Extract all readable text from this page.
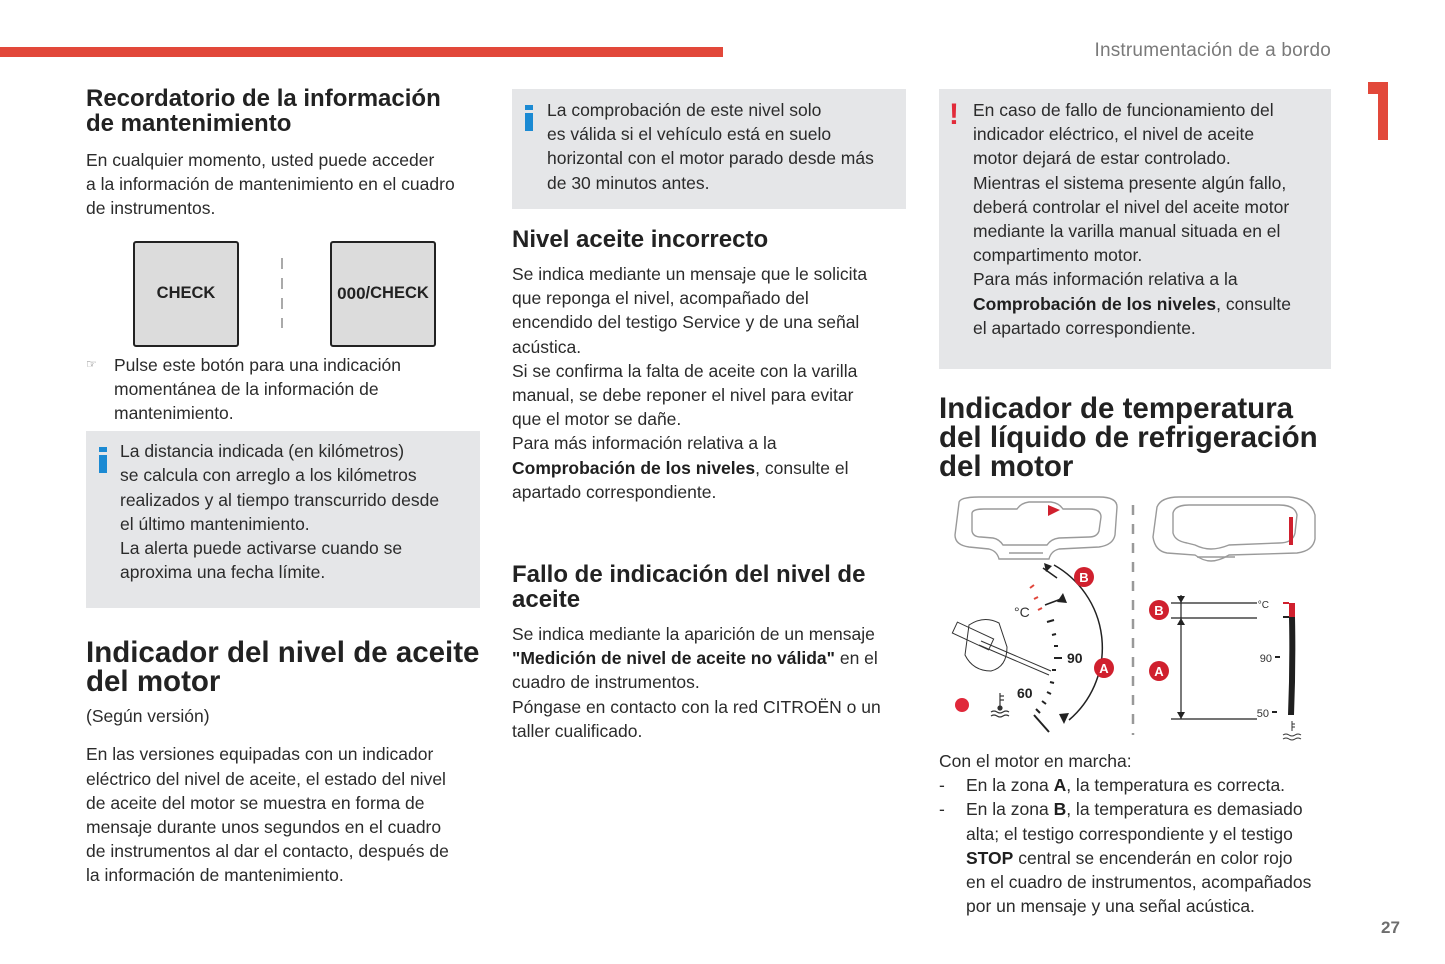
Instrumentación de a bordo
Recordatorio de la información
de mantenimiento

En cualquier momento, usted puede acceder

a la información de mantenimiento en el cuadro

de instrumentos.

CHECK	000 /CHECK
☞ Pulse este botón para una indicación

momentánea de la información de

mantenimiento.

La distancia indicada (en kilómetros)

se calcula con arreglo a los kilómetros

realizados y al tiempo transcurrido desde

el último mantenimiento.

La alerta puede activarse cuando se

aproxima una fecha límite.

Indicador del nivel de aceite
del motor

(Según versión)

En las versiones equipadas con un indicador

eléctrico del nivel de aceite, el estado del nivel

de aceite del motor se muestra en forma de

mensaje durante unos segundos en el cuadro

de instrumentos al dar el contacto, después de

la información de mantenimiento.

La comprobación de este nivel solo

es válida si el vehículo está en suelo

horizontal con el motor parado desde más

de 30 minutos antes.

Nivel aceite incorrecto

Se indica mediante un mensaje que le solicita

que reponga el nivel, acompañado del

encendido del testigo Service y de una señal

acústica.

Si se confirma la falta de aceite con la varilla

manual, se debe reponer el nivel para evitar

que el motor se dañe.

Para más información relativa a la

Comprobación de los niveles, consulte el

apartado correspondiente.

Fallo de indicación del nivel de
aceite

Se indica mediante la aparición de un mensaje

"Medición de nivel de aceite no válida" en el

cuadro de instrumentos.

Póngase en contacto con la red CITROËN o un

taller cualificado.

! En caso de fallo de funcionamiento del

indicador eléctrico, el nivel de aceite

motor dejará de estar controlado.

Mientras el sistema presente algún fallo,

deberá controlar el nivel del aceite motor

mediante la varilla manual situada en el

compartimento motor.

Para más información relativa a la

Comprobación de los niveles, consulte

el apartado correspondiente.

Indicador de temperatura
del líquido de refrigeración
del motor
°C
90
60
B
A
°C
90
50
B
A

Con el motor en marcha:

-	En la zona A, la temperatura es correcta.

-	En la zona B, la temperatura es demasiado

alta; el testigo correspondiente y el testigo

STOP central se encenderán en color rojo

en el cuadro de instrumentos, acompañados

por un mensaje y una señal acústica.

27
